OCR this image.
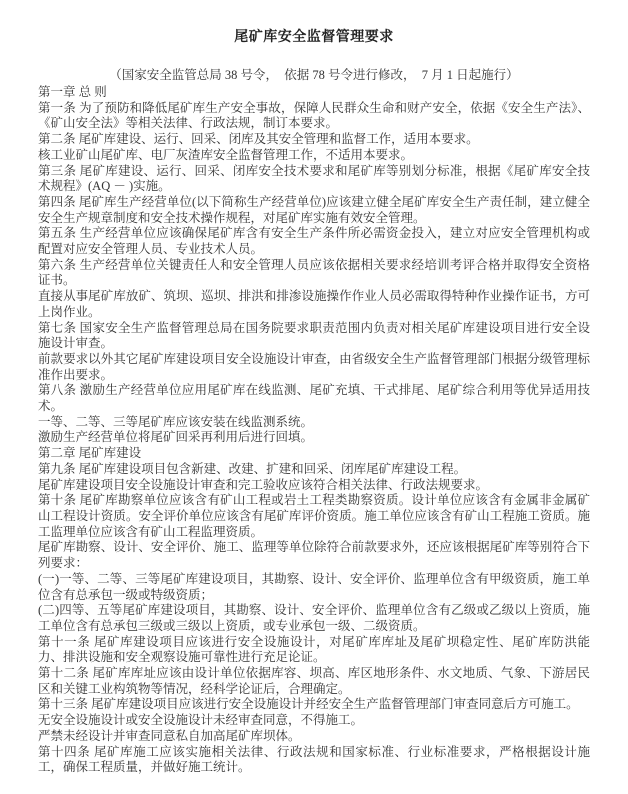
尾矿库安全监督管理要求

（国家安全监管总局 38 号令，　依据 78 号令进行修改，　7 月 1 日起施行）

第一章 总 则

第一条 为了预防和降低尾矿库生产安全事故，保障人民群众生命和财产安全，依据《安全生产法》、《矿山安全法》等相关法律、行政法规，制订本要求。

第二条 尾矿库建设、运行、回采、闭库及其安全管理和监督工作，适用本要求。

核工业矿山尾矿库、电厂灰渣库安全监督管理工作，不适用本要求。

第三条 尾矿库建设、运行、回采、闭库安全技术要求和尾矿库等别划分标准，根据《尾矿库安全技术规程》(AQ － )实施。

第四条 尾矿库生产经营单位(以下简称生产经营单位)应该建立健全尾矿库安全生产责任制，建立健全安全生产规章制度和安全技术操作规程，对尾矿库实施有效安全管理。

第五条 生产经营单位应该确保尾矿库含有安全生产条件所必需资金投入，建立对应安全管理机构或配置对应安全管理人员、专业技术人员。

第六条 生产经营单位关键责任人和安全管理人员应该依据相关要求经培训考评合格并取得安全资格证书。

直接从事尾矿库放矿、筑坝、巡坝、排洪和排渗设施操作作业人员必需取得特种作业操作证书，方可上岗作业。

第七条 国家安全生产监督管理总局在国务院要求职责范围内负责对相关尾矿库建设项目进行安全设施设计审查。

前款要求以外其它尾矿库建设项目安全设施设计审查，由省级安全生产监督管理部门根据分级管理标准作出要求。

第八条 激励生产经营单位应用尾矿库在线监测、尾矿充填、干式排尾、尾矿综合利用等优异适用技术。

一等、二等、三等尾矿库应该安装在线监测系统。

激励生产经营单位将尾矿回采再利用后进行回填。

第二章 尾矿库建设

第九条 尾矿库建设项目包含新建、改建、扩建和回采、闭库尾矿库建设工程。

尾矿库建设项目安全设施设计审查和完工验收应该符合相关法律、行政法规要求。

第十条 尾矿库勘察单位应该含有矿山工程或岩土工程类勘察资质。设计单位应该含有金属非金属矿山工程设计资质。安全评价单位应该含有尾矿库评价资质。施工单位应该含有矿山工程施工资质。施工监理单位应该含有矿山工程监理资质。

尾矿库勘察、设计、安全评价、施工、监理等单位除符合前款要求外，还应该根据尾矿库等别符合下列要求：

(一)一等、二等、三等尾矿库建设项目，其勘察、设计、安全评价、监理单位含有甲级资质，施工单位含有总承包一级或特级资质；

(二)四等、五等尾矿库建设项目，其勘察、设计、安全评价、监理单位含有乙级或乙级以上资质，施工单位含有总承包三级或三级以上资质，或专业承包一级、二级资质。

第十一条 尾矿库建设项目应该进行安全设施设计，对尾矿库库址及尾矿坝稳定性、尾矿库防洪能力、排洪设施和安全观察设施可靠性进行充足论证。

第十二条 尾矿库库址应该由设计单位依据库容、坝高、库区地形条件、水文地质、气象、下游居民区和关键工业构筑物等情况，经科学论证后，合理确定。

第十三条 尾矿库建设项目应该进行安全设施设计并经安全生产监督管理部门审查同意后方可施工。

无安全设施设计或安全设施设计未经审查同意，不得施工。

严禁未经设计并审查同意私自加高尾矿库坝体。

第十四条 尾矿库施工应该实施相关法律、行政法规和国家标准、行业标准要求，严格根据设计施工，确保工程质量，并做好施工统计。
